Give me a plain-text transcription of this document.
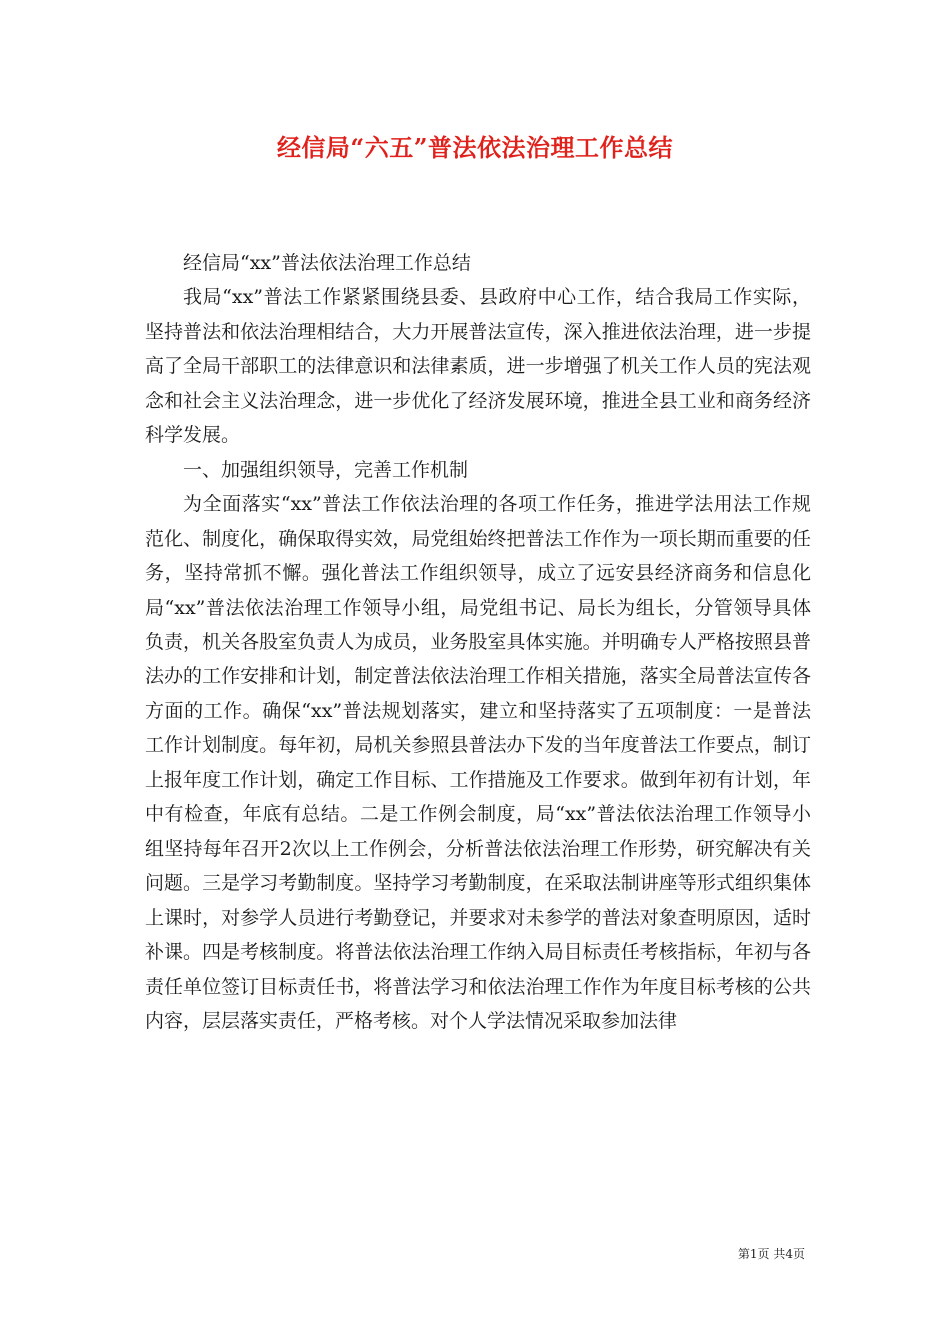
经信局“六五”普法依法治理工作总结

经信局“xx”普法依法治理工作总结

我局“xx”普法工作紧紧围绕县委、县政府中心工作，结合我局工作实际，坚持普法和依法治理相结合，大力开展普法宣传，深入推进依法治理，进一步提高了全局干部职工的法律意识和法律素质，进一步增强了机关工作人员的宪法观念和社会主义法治理念，进一步优化了经济发展环境，推进全县工业和商务经济科学发展。

一、加强组织领导，完善工作机制

为全面落实“xx”普法工作依法治理的各项工作任务，推进学法用法工作规范化、制度化，确保取得实效，局党组始终把普法工作作为一项长期而重要的任务，坚持常抓不懈。强化普法工作组织领导，成立了远安县经济商务和信息化局“xx”普法依法治理工作领导小组，局党组书记、局长为组长，分管领导具体负责，机关各股室负责人为成员，业务股室具体实施。并明确专人严格按照县普法办的工作安排和计划，制定普法依法治理工作相关措施，落实全局普法宣传各方面的工作。确保“xx”普法规划落实，建立和坚持落实了五项制度：一是普法工作计划制度。每年初，局机关参照县普法办下发的当年度普法工作要点，制订上报年度工作计划，确定工作目标、工作措施及工作要求。做到年初有计划，年中有检查，年底有总结。二是工作例会制度，局“xx”普法依法治理工作领导小组坚持每年召开2次以上工作例会，分析普法依法治理工作形势，研究解决有关问题。三是学习考勤制度。坚持学习考勤制度，在采取法制讲座等形式组织集体上课时，对参学人员进行考勤登记，并要求对未参学的普法对象查明原因，适时补课。四是考核制度。将普法依法治理工作纳入局目标责任考核指标，年初与各责任单位签订目标责任书，将普法学习和依法治理工作作为年度目标考核的公共内容，层层落实责任，严格考核。对个人学法情况采取参加法律

第1页 共4页
